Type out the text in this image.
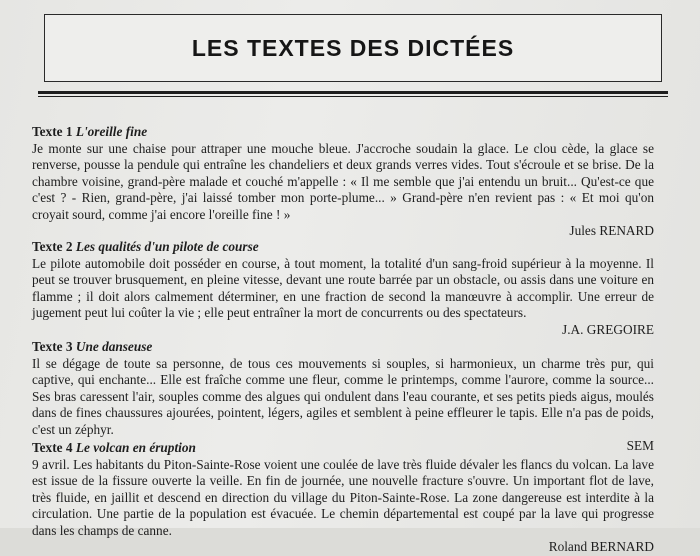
LES TEXTES DES DICTÉES

Texte 1 L'oreille fine

Je monte sur une chaise pour attraper une mouche bleue. J'accroche soudain la glace. Le clou cède, la glace se renverse, pousse la pendule qui entraîne les chandeliers et deux grands verres vides. Tout s'écroule et se brise. De la chambre voisine, grand-père malade et couché m'appelle : « Il me semble que j'ai entendu un bruit... Qu'est-ce que c'est ? - Rien, grand-père, j'ai laissé tomber mon porte-plume... » Grand-père n'en revient pas : « Et moi qu'on croyait sourd, comme j'ai encore l'oreille fine ! »

Jules RENARD

Texte 2 Les qualités d'un pilote de course

Le pilote automobile doit posséder en course, à tout moment, la totalité d'un sang-froid supérieur à la moyenne. Il peut se trouver brusquement, en pleine vitesse, devant une route barrée par un obstacle, ou assis dans une voiture en flamme ; il doit alors calmement déterminer, en une fraction de second la manœuvre à accomplir. Une erreur de jugement peut lui coûter la vie ; elle peut entraîner la mort de concurrents ou des spectateurs.

J.A. GREGOIRE

Texte 3 Une danseuse

Il se dégage de toute sa personne, de tous ces mouvements si souples, si harmonieux, un charme très pur, qui captive, qui enchante... Elle est fraîche comme une fleur, comme le printemps, comme l'aurore, comme la source... Ses bras caressent l'air, souples comme des algues qui ondulent dans l'eau courante, et ses petits pieds aigus, moulés dans de fines chaussures ajourées, pointent, légers, agiles et semblent à peine effleurer le tapis. Elle n'a pas de poids, c'est un zéphyr.

SEM

Texte 4 Le volcan en éruption

9 avril. Les habitants du Piton-Sainte-Rose voient une coulée de lave très fluide dévaler les flancs du volcan. La lave est issue de la fissure ouverte la veille. En fin de journée, une nouvelle fracture s'ouvre. Un important flot de lave, très fluide, en jaillit et descend en direction du village du Piton-Sainte-Rose. La zone dangereuse est interdite à la circulation. Une partie de la population est évacuée. Le chemin départemental est coupé par la lave qui progresse dans les champs de canne.

Roland BERNARD
